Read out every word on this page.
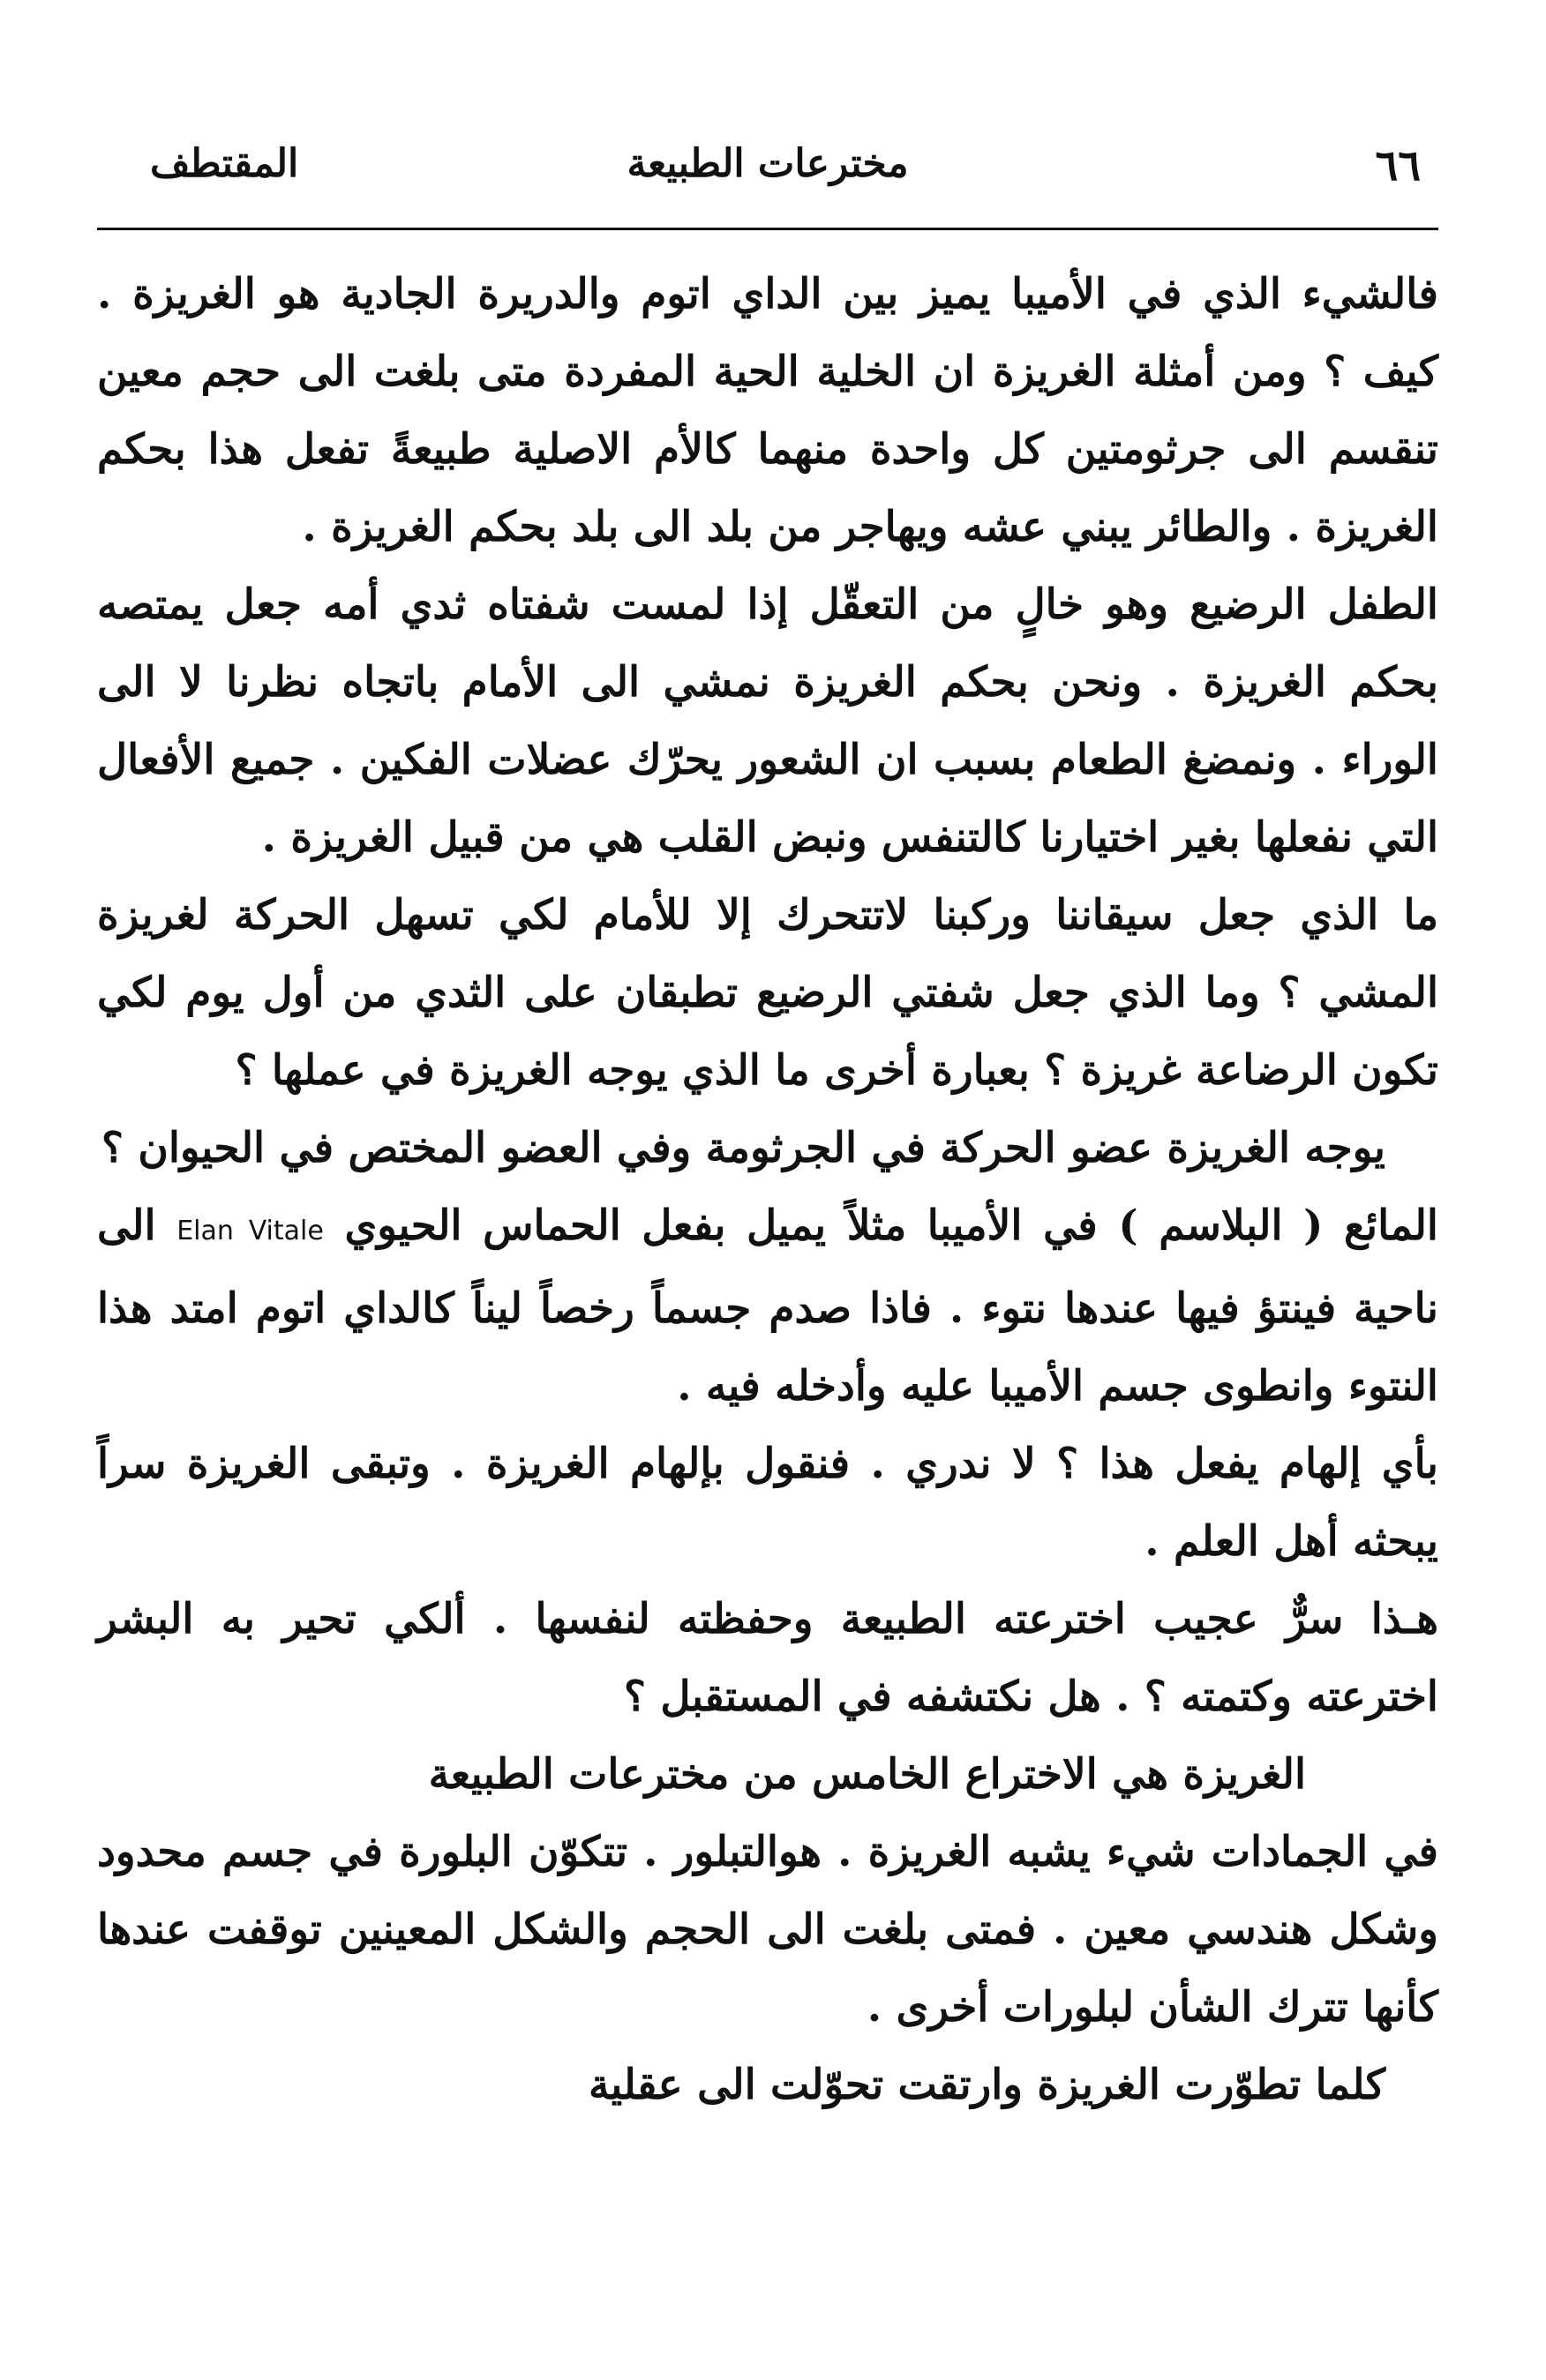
٦٦
مخترعات الطبيعة
المقتطف

فالشيء الذي في الأميبا يميز بين الداي اتوم والدريرة الجادية هو الغريزة . كيف ؟ ومن أمثلة الغريزة ان الخلية الحية المفردة متى بلغت الى حجم معين تنقسم الى جرثومتين كل واحدة منهما كالأم الاصلية طبيعةً تفعل هذا بحكم الغريزة . والطائر يبني عشه ويهاجر من بلد الى بلد بحكم الغريزة .

الطفل الرضيع وهو خالٍ من التعقّل إذا لمست شفتاه ثدي أمه جعل يمتصه بحكم الغريزة . ونحن بحكم الغريزة نمشي الى الأمام باتجاه نظرنا لا الى الوراء . ونمضغ الطعام بسبب ان الشعور يحرّك عضلات الفكين . جميع الأفعال التي نفعلها بغير اختيارنا كالتنفس ونبض القلب هي من قبيل الغريزة .

ما الذي جعل سيقاننا وركبنا لاتتحرك إلا للأمام لكي تسهل الحركة لغريزة المشي ؟ وما الذي جعل شفتي الرضيع تطبقان على الثدي من أول يوم لكي تكون الرضاعة غريزة ؟ بعبارة أخرى ما الذي يوجه الغريزة في عملها ؟

يوجه الغريزة عضو الحركة في الجرثومة وفي العضو المختص في الحيوان ؟

المائع ( البلاسم ) في الأميبا مثلاً يميل بفعل الحماس الحيوي Elan Vitale الى ناحية فينتؤ فيها عندها نتوء . فاذا صدم جسماً رخصاً ليناً كالداي اتوم امتد هذا النتوء وانطوى جسم الأميبا عليه وأدخله فيه .

بأي إلهام يفعل هذا ؟ لا ندري . فنقول بإلهام الغريزة . وتبقى الغريزة سراً يبحثه أهل العلم .

هـذا سرٌّ عجيب اخترعته الطبيعة وحفظته لنفسها . ألكي تحير به البشر اخترعته وكتمته ؟ . هل نكتشفه في المستقبل ؟

الغريزة هي الاختراع الخامس من مخترعات الطبيعة

في الجمادات شيء يشبه الغريزة . هوالتبلور . تتكوّن البلورة في جسم محدود وشكل هندسي معين . فمتى بلغت الى الحجم والشكل المعينين توقفت عندها كأنها تترك الشأن لبلورات أخرى .

كلما تطوّرت الغريزة وارتقت تحوّلت الى عقلية
